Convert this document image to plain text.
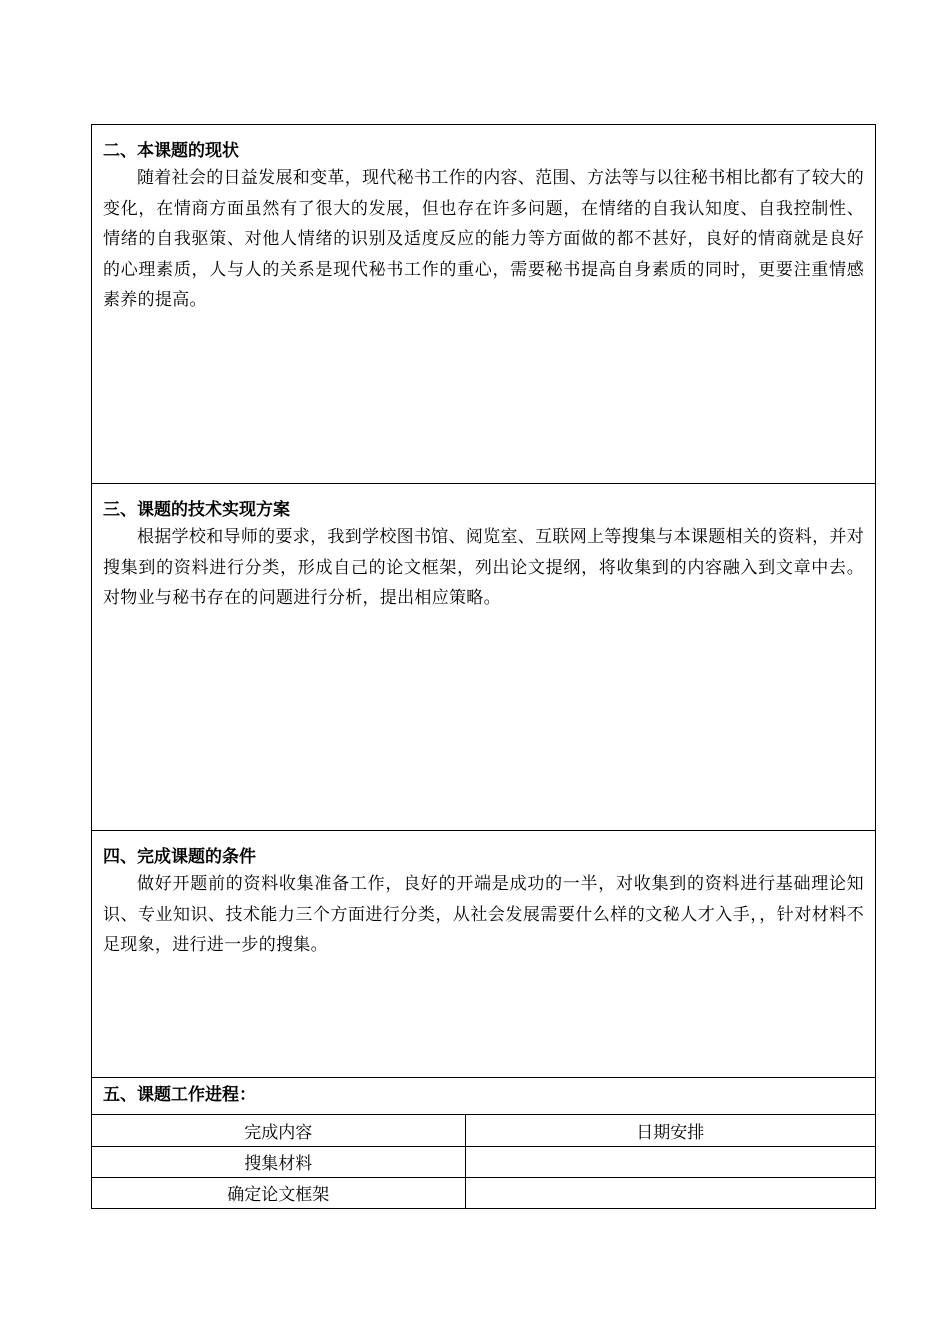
二、本课题的现状

随着社会的日益发展和变革，现代秘书工作的内容、范围、方法等与以往秘书相比都有了较大的变化，在情商方面虽然有了很大的发展，但也存在许多问题，在情绪的自我认知度、自我控制性、情绪的自我驱策、对他人情绪的识别及适度反应的能力等方面做的都不甚好，良好的情商就是良好的心理素质，人与人的关系是现代秘书工作的重心，需要秘书提高自身素质的同时，更要注重情感素养的提高。

三、课题的技术实现方案

根据学校和导师的要求，我到学校图书馆、阅览室、互联网上等搜集与本课题相关的资料，并对搜集到的资料进行分类，形成自己的论文框架，列出论文提纲，将收集到的内容融入到文章中去。对物业与秘书存在的问题进行分析，提出相应策略。

四、完成课题的条件

做好开题前的资料收集准备工作，良好的开端是成功的一半，对收集到的资料进行基础理论知识、专业知识、技术能力三个方面进行分类，从社会发展需要什么样的文秘人才入手，，针对材料不足现象，进行进一步的搜集。

五、课题工作进程：

完成内容	日期安排
搜集材料	
确定论文框架	
